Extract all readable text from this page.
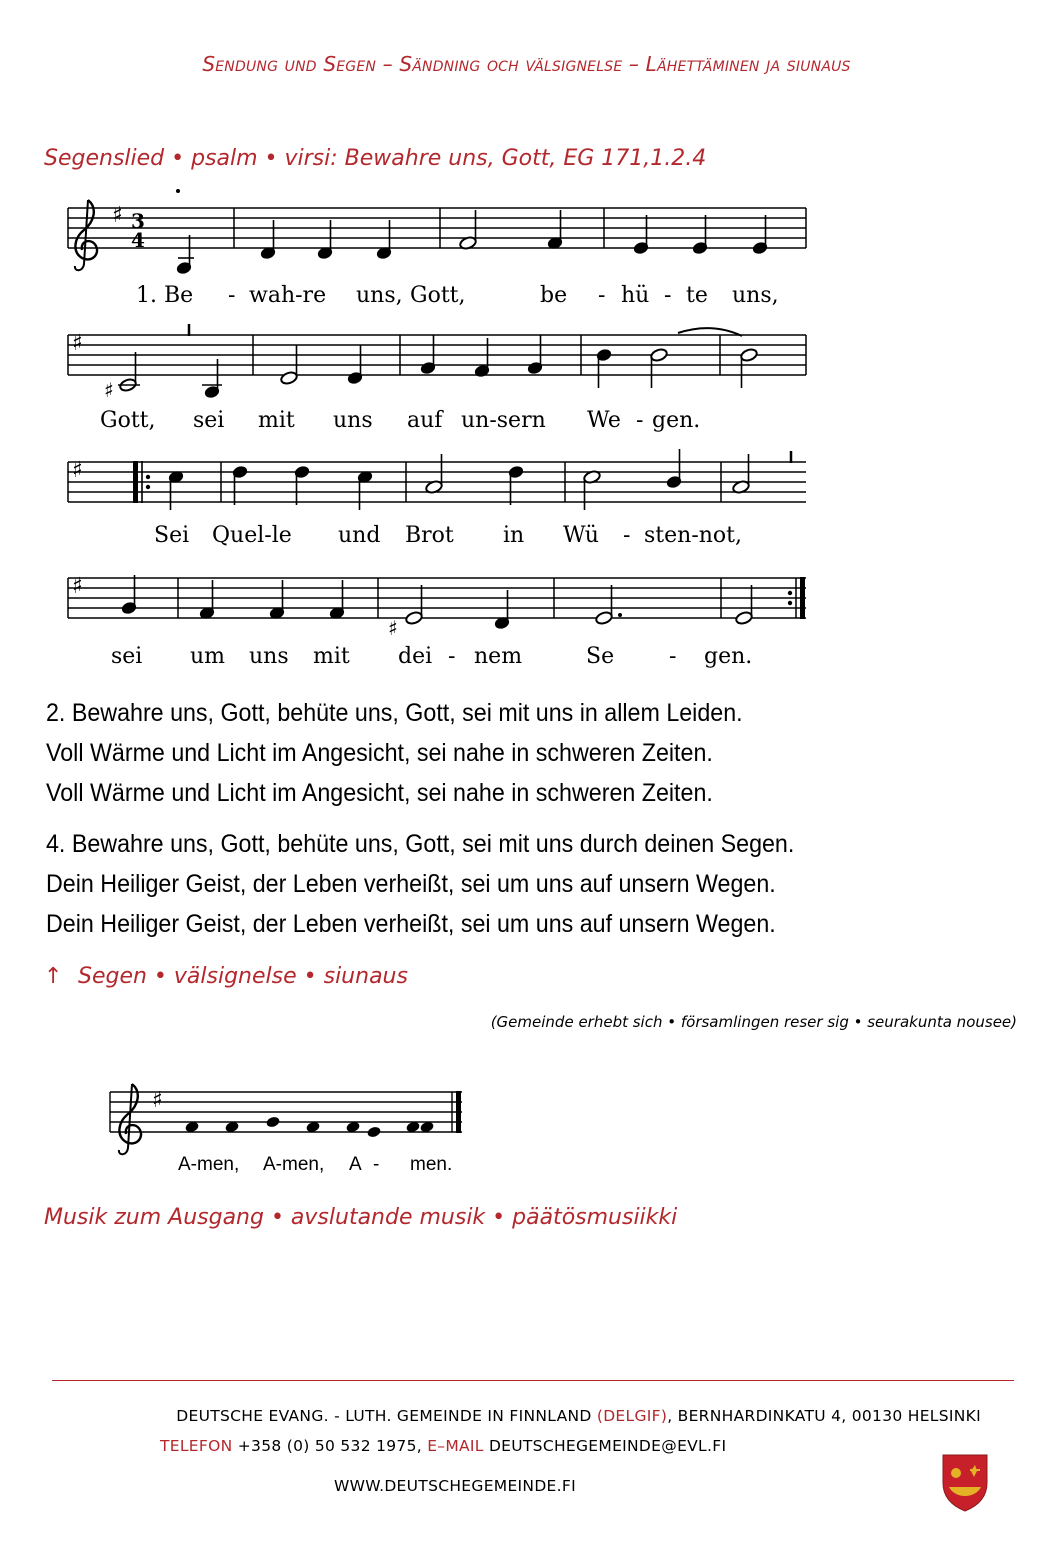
Sendung und Segen – Sändning och välsignelse – Lähettäminen ja siunaus
Segenslied • psalm • virsi: Bewahre uns, Gott, EG 171,1.2.4
♯ 3
4
1. Be - wah-re uns, Gott,	be - hü - te uns,
♯
♯
Gott, sei mit uns auf un-sern We - gen.
♯
Sei Quel-le und Brot in Wü - sten-not,
♯
♯
sei um uns mit dei - nem	Se - gen.
2. Bewahre uns, Gott, behüte uns, Gott, sei mit uns in allem Leiden.
Voll Wärme und Licht im Angesicht, sei nahe in schweren Zeiten.
Voll Wärme und Licht im Angesicht, sei nahe in schweren Zeiten.
4. Bewahre uns, Gott, behüte uns, Gott, sei mit uns durch deinen Segen.
Dein Heiliger Geist, der Leben verheißt, sei um uns auf unsern Wegen.
Dein Heiliger Geist, der Leben verheißt, sei um uns auf unsern Wegen.
↑ Segen • välsignelse • siunaus
(Gemeinde erhebt sich • församlingen reser sig • seurakunta nousee)
♯
A-men, A-men, A - men.
Musik zum Ausgang • avslutande musik • päätösmusiikki
DEUTSCHE EVANG. - LUTH. GEMEINDE IN FINNLAND (DELGIF), BERNHARDINKATU 4, 00130 HELSINKI
TELEFON +358 (0) 50 532 1975, E–MAIL DEUTSCHEGEMEINDE@EVL.FI
WWW.DEUTSCHEGEMEINDE.FI
